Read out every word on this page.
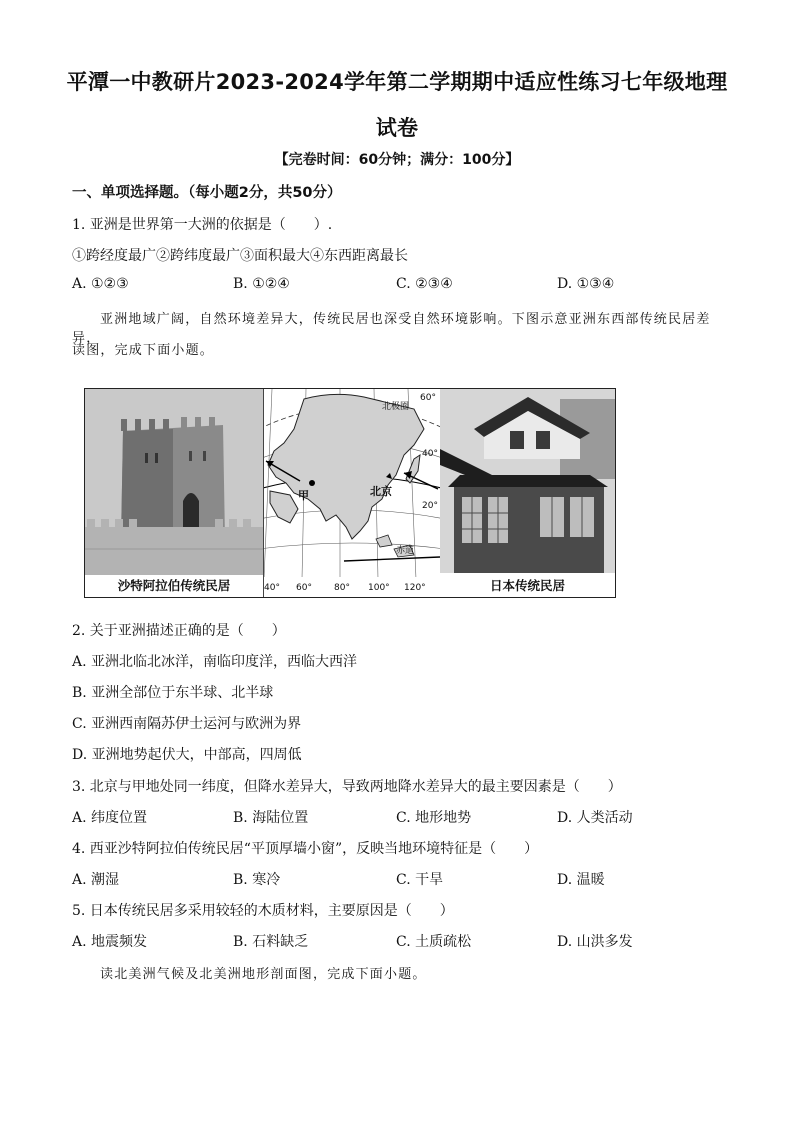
平潭一中教研片2023-2024学年第二学期期中适应性练习七年级地理
试卷
【完卷时间：60分钟；满分：100分】
一、单项选择题。（每小题2分，共50分）
1. 亚洲是世界第一大洲的依据是（　　）.
①跨经度最广②跨纬度最广③面积最大④东西距离最长
A. ①②③	B. ①②④	C. ②③④	D. ①③④
亚洲地域广阔，自然环境差异大，传统民居也深受自然环境影响。下图示意亚洲东西部传统民居差异，
读图，完成下面小题。
甲	北京
赤道
北极圈
60°
40°
20°
40° 60° 80° 100° 120°
沙特阿拉伯传统民居	日本传统民居
2. 关于亚洲描述正确的是（　　）
A. 亚洲北临北冰洋，南临印度洋，西临大西洋
B. 亚洲全部位于东半球、北半球
C. 亚洲西南隔苏伊士运河与欧洲为界
D. 亚洲地势起伏大，中部高，四周低
3. 北京与甲地处同一纬度，但降水差异大，导致两地降水差异大的最主要因素是（　　）
A. 纬度位置	B. 海陆位置	C. 地形地势	D. 人类活动
4. 西亚沙特阿拉伯传统民居“平顶厚墙小窗”，反映当地环境特征是（　　）
A. 潮湿	B. 寒冷	C. 干旱	D. 温暖
5. 日本传统民居多采用较轻的木质材料，主要原因是（　　）
A. 地震频发	B. 石料缺乏	C. 土质疏松	D. 山洪多发
读北美洲气候及北美洲地形剖面图，完成下面小题。
